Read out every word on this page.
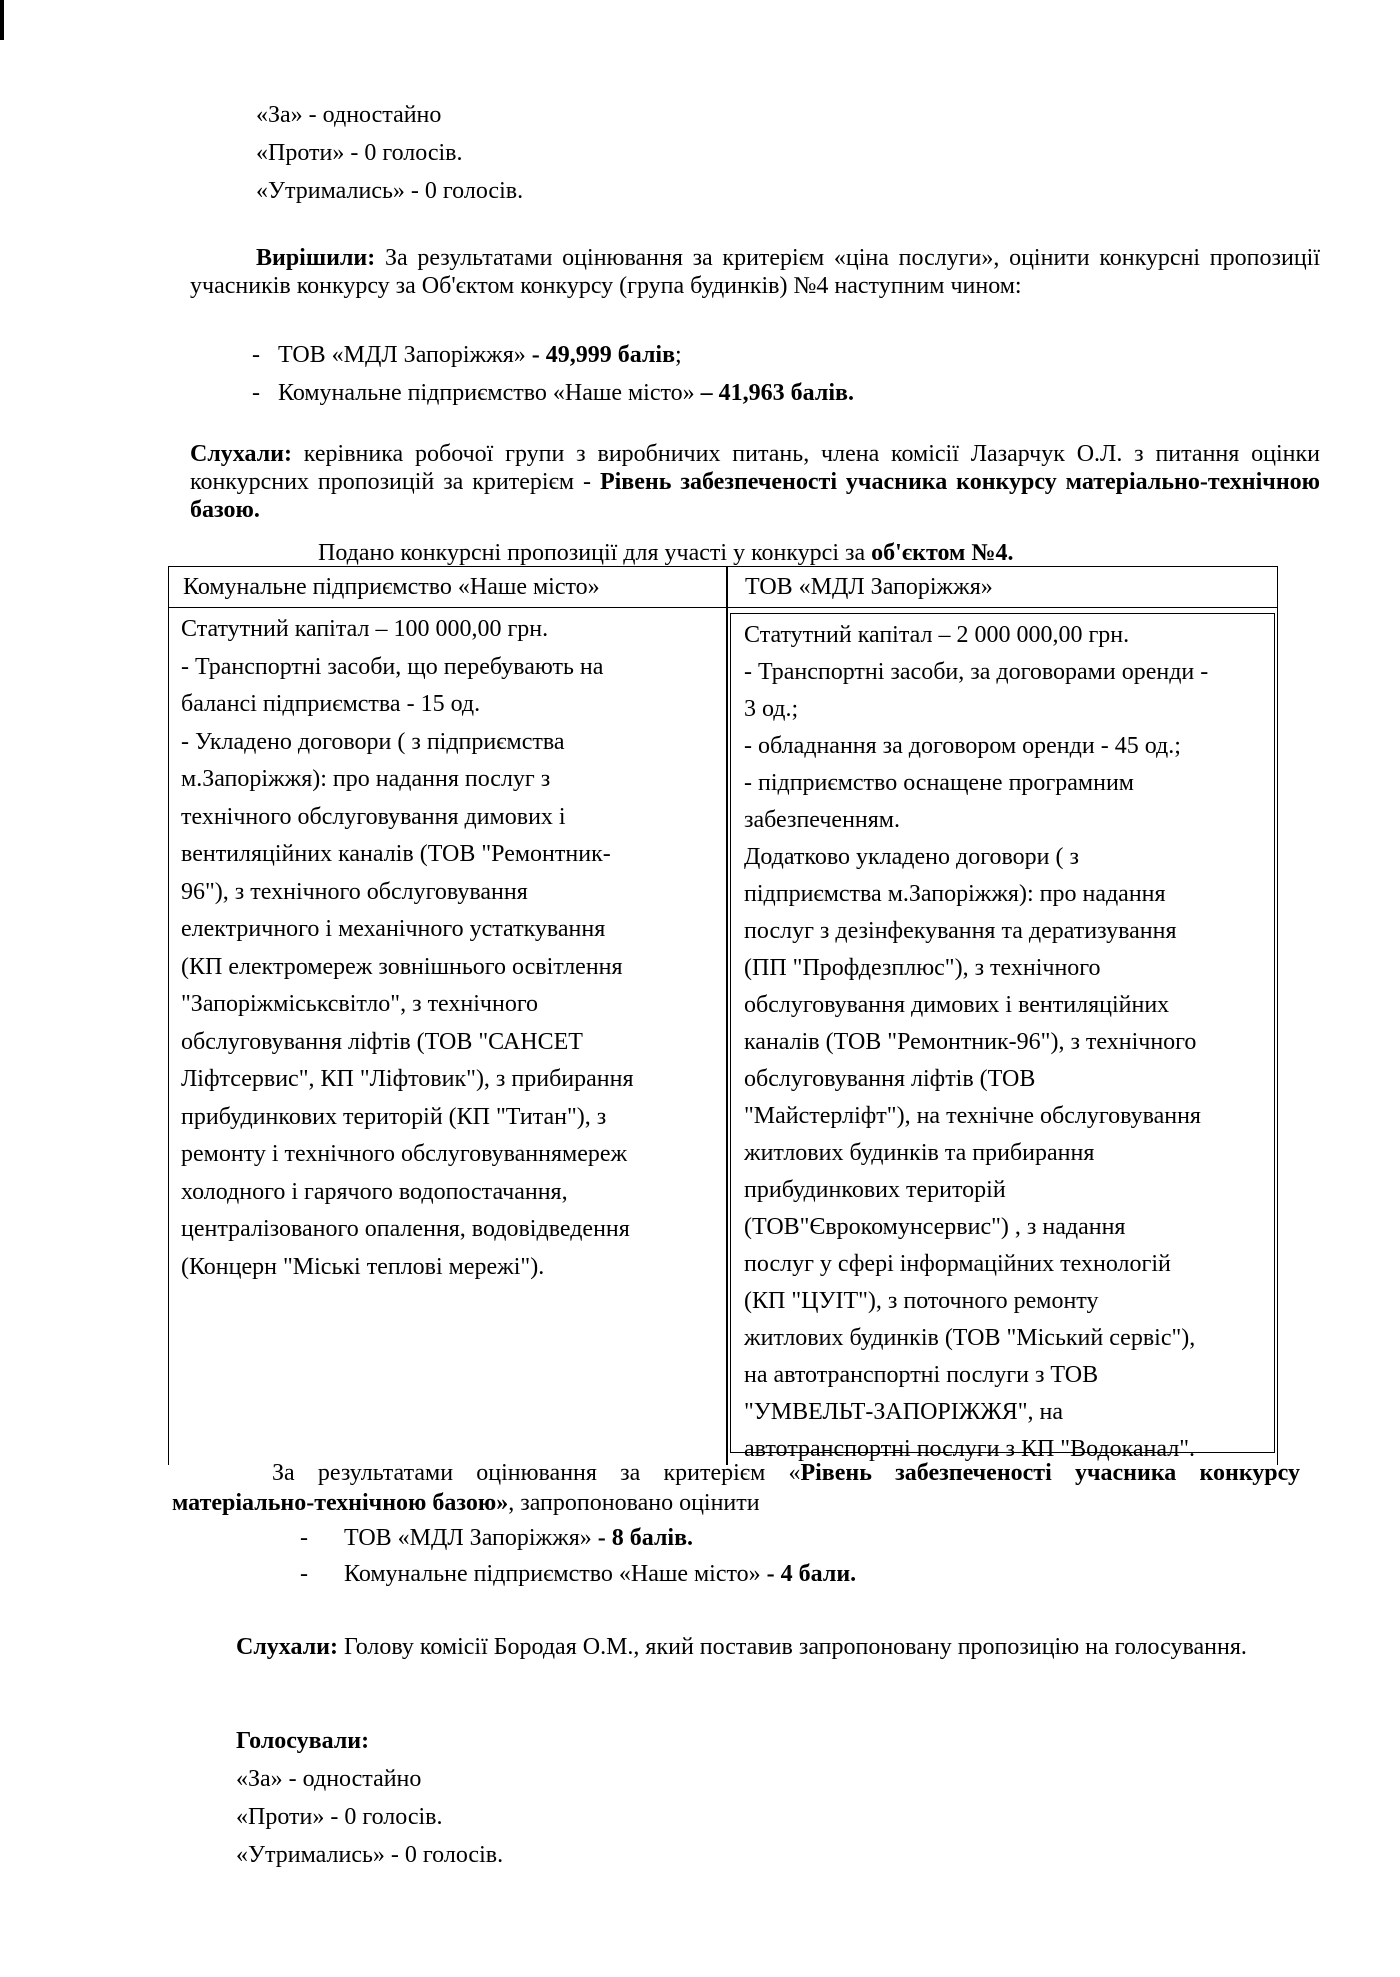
«За» - одностайно
«Проти» - 0 голосів.
«Утримались» - 0 голосів.
Вирішили: За результатами оцінювання за критерієм «ціна послуги», оцінити конкурсні пропозиції учасників конкурсу за Об'єктом конкурсу (група будинків) №4 наступним чином:
- ТОВ «МДЛ Запоріжжя» - 49,999 балів;
- Комунальне підприємство «Наше місто» – 41,963 балів.
Слухали: керівника робочої групи з виробничих питань, члена комісії Лазарчук О.Л. з питання оцінки конкурсних пропозицій за критерієм - Рівень забезпеченості учасника конкурсу матеріально-технічною базою.
Подано конкурсні пропозиції для участі у конкурсі за об'єктом №4.
Комунальне підприємство «Наше місто»	ТОВ «МДЛ Запоріжжя»
Статутний капітал – 100 000,00 грн.
- Транспортні засоби, що перебувають на
балансі підприємства - 15 од.
- Укладено договори ( з підприємства
м.Запоріжжя): про надання послуг з
технічного обслуговування димових і
вентиляційних каналів (ТОВ "Ремонтник-
96"), з технічного обслуговування
електричного і механічного устаткування
(КП електромереж зовнішнього освітлення
"Запоріжміськсвітло", з технічного
обслуговування ліфтів (ТОВ "САНСЕТ
Ліфтсервис", КП "Ліфтовик"), з прибирання
прибудинкових територій (КП "Титан"), з
ремонту і технічного обслуговуваннямереж
холодного і гарячого водопостачання,
централізованого опалення, водовідведення
(Концерн "Міські теплові мережі").
Статутний капітал – 2 000 000,00 грн.
- Транспортні засоби, за договорами оренди -
3 од.;
- обладнання за договором оренди - 45 од.;
- підприємство оснащене програмним
забезпеченням.
Додатково укладено договори ( з
підприємства м.Запоріжжя): про надання
послуг з дезінфекування та дератизування
(ПП "Профдезплюс"), з технічного
обслуговування димових і вентиляційних
каналів (ТОВ "Ремонтник-96"), з технічного
обслуговування ліфтів (ТОВ
"Майстерліфт"), на технічне обслуговування
житлових будинків та прибирання
прибудинкових територій
(ТОВ"Єврокомунсервис") , з надання
послуг у сфері інформаційних технологій
(КП "ЦУІТ"), з поточного ремонту
житлових будинків (ТОВ "Міський сервіс"),
на автотранспортні послуги з ТОВ
"УМВЕЛЬТ-ЗАПОРІЖЖЯ", на
автотранспортні послуги з КП "Водоканал".
За результатами оцінювання за критерієм «Рівень забезпеченості учасника конкурсу матеріально-технічною базою», запропоновано оцінити
- ТОВ «МДЛ Запоріжжя» - 8 балів.
- Комунальне підприємство «Наше місто» - 4 бали.
Слухали: Голову комісії Бородая О.М., який поставив запропоновану пропозицію на голосування.
Голосували:
«За» - одностайно
«Проти» - 0 голосів.
«Утримались» - 0 голосів.
